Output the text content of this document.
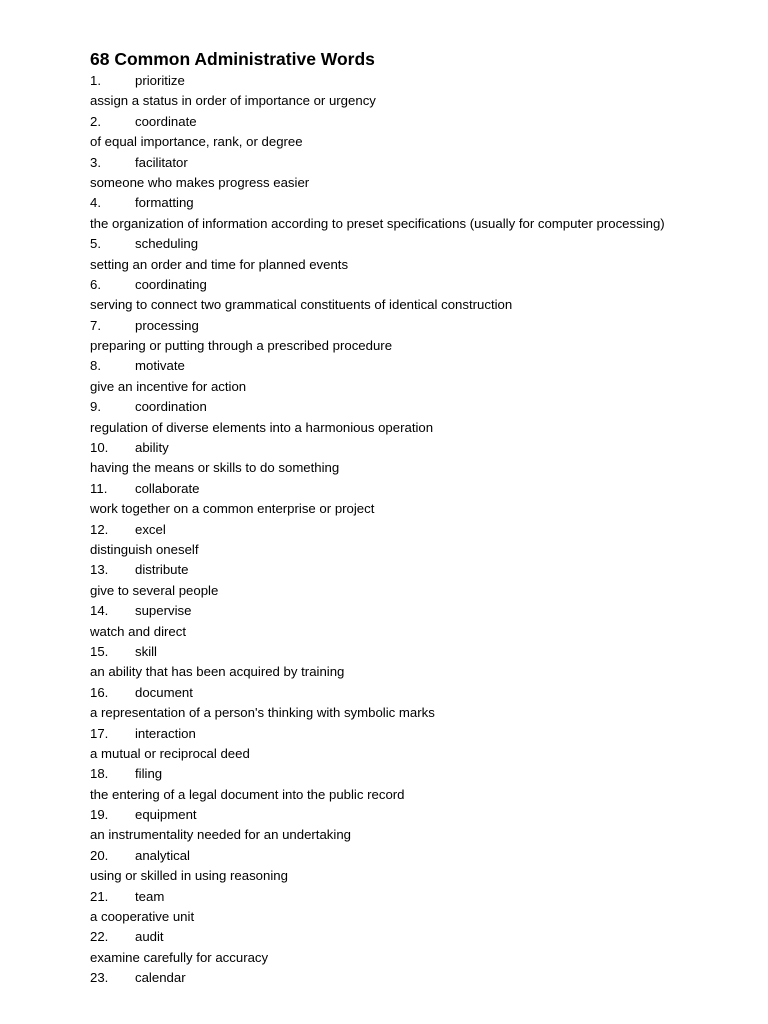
68 Common Administrative Words
1.	prioritize
assign a status in order of importance or urgency
2.	coordinate
of equal importance, rank, or degree
3.	facilitator
someone who makes progress easier
4.	formatting
the organization of information according to preset specifications (usually for computer processing)
5.	scheduling
setting an order and time for planned events
6.	coordinating
serving to connect two grammatical constituents of identical construction
7.	processing
preparing or putting through a prescribed procedure
8.	motivate
give an incentive for action
9.	coordination
regulation of diverse elements into a harmonious operation
10. ability
having the means or skills to do something
11. collaborate
work together on a common enterprise or project
12. excel
distinguish oneself
13. distribute
give to several people
14. supervise
watch and direct
15. skill
an ability that has been acquired by training
16. document
a representation of a person's thinking with symbolic marks
17. interaction
a mutual or reciprocal deed
18. filing
the entering of a legal document into the public record
19. equipment
an instrumentality needed for an undertaking
20. analytical
using or skilled in using reasoning
21. team
a cooperative unit
22. audit
examine carefully for accuracy
23. calendar
